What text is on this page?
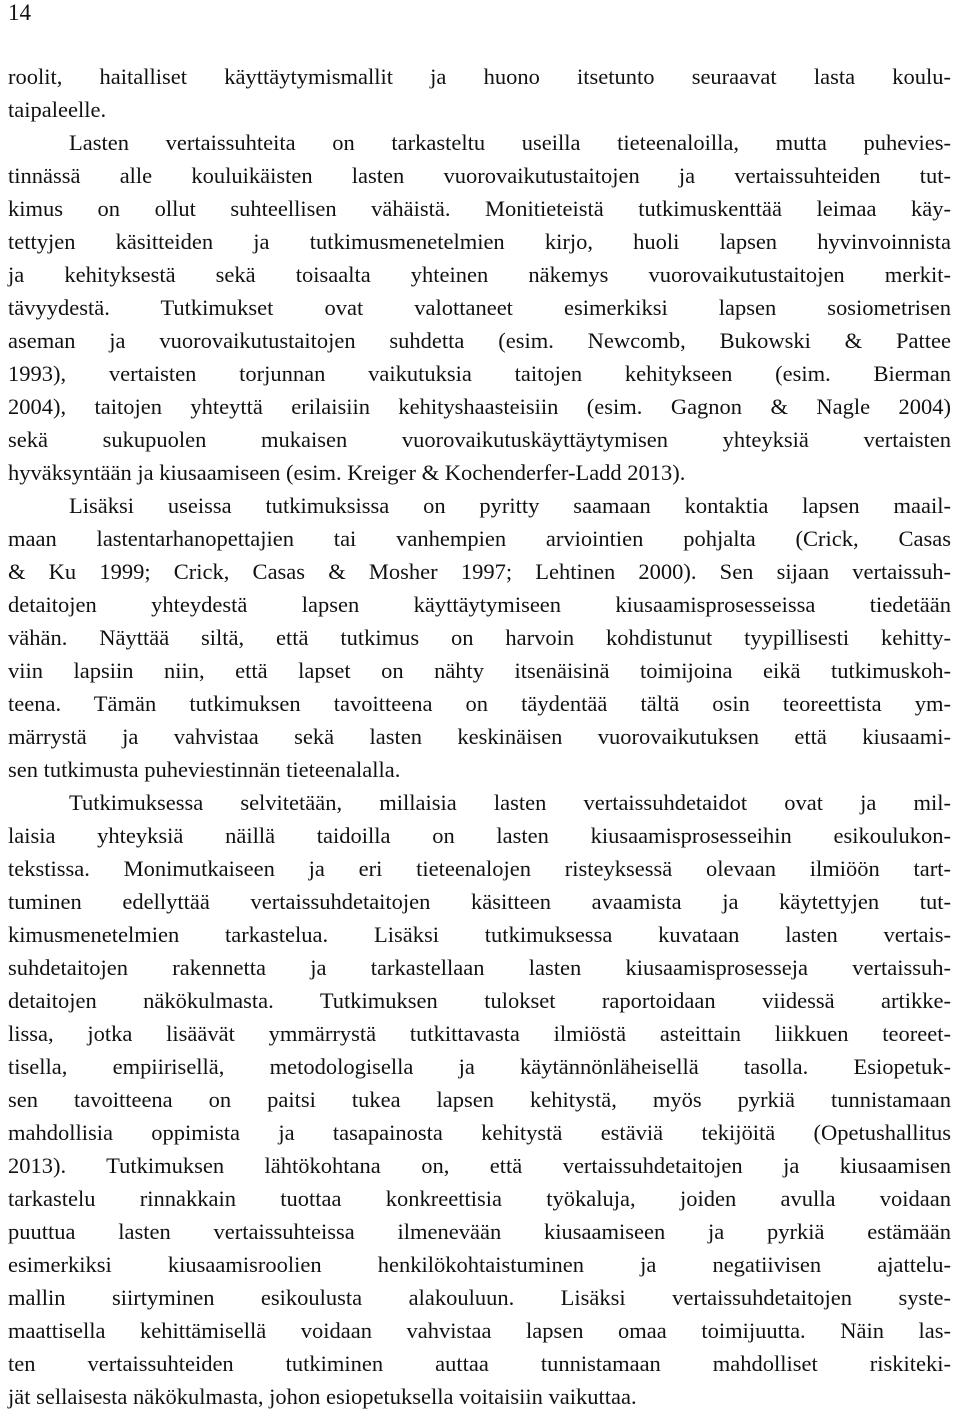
14
roolit, haitalliset käyttäytymismallit ja huono itsetunto seuraavat lasta koulu-
taipaleelle.
Lasten vertaissuhteita on tarkasteltu useilla tieteenaloilla, mutta puhevies-
tinnässä alle kouluikäisten lasten vuorovaikutustaitojen ja vertaissuhteiden tut-
kimus on ollut suhteellisen vähäistä. Monitieteistä tutkimuskenttää leimaa käy-
tettyjen käsitteiden ja tutkimusmenetelmien kirjo, huoli lapsen hyvinvoinnista
ja kehityksestä sekä toisaalta yhteinen näkemys vuorovaikutustaitojen merkit-
tävyydestä. Tutkimukset ovat valottaneet esimerkiksi lapsen sosiometrisen
aseman ja vuorovaikutustaitojen suhdetta (esim. Newcomb, Bukowski & Pattee
1993), vertaisten torjunnan vaikutuksia taitojen kehitykseen (esim. Bierman
2004), taitojen yhteyttä erilaisiin kehityshaasteisiin (esim. Gagnon & Nagle 2004)
sekä sukupuolen mukaisen vuorovaikutuskäyttäytymisen yhteyksiä vertaisten
hyväksyntään ja kiusaamiseen (esim. Kreiger & Kochenderfer-Ladd 2013).
Lisäksi useissa tutkimuksissa on pyritty saamaan kontaktia lapsen maail-
maan lastentarhanopettajien tai vanhempien arviointien pohjalta (Crick, Casas
& Ku 1999; Crick, Casas & Mosher 1997; Lehtinen 2000). Sen sijaan vertaissuh-
detaitojen yhteydestä lapsen käyttäytymiseen kiusaamisprosesseissa tiedetään
vähän. Näyttää siltä, että tutkimus on harvoin kohdistunut tyypillisesti kehitty-
viin lapsiin niin, että lapset on nähty itsenäisinä toimijoina eikä tutkimuskoh-
teena. Tämän tutkimuksen tavoitteena on täydentää tältä osin teoreettista ym-
märrystä ja vahvistaa sekä lasten keskinäisen vuorovaikutuksen että kiusaami-
sen tutkimusta puheviestinnän tieteenalalla.
Tutkimuksessa selvitetään, millaisia lasten vertaissuhdetaidot ovat ja mil-
laisia yhteyksiä näillä taidoilla on lasten kiusaamisprosesseihin esikoulukon-
tekstissa. Monimutkaiseen ja eri tieteenalojen risteyksessä olevaan ilmiöön tart-
tuminen edellyttää vertaissuhdetaitojen käsitteen avaamista ja käytettyjen tut-
kimusmenetelmien tarkastelua. Lisäksi tutkimuksessa kuvataan lasten vertais-
suhdetaitojen rakennetta ja tarkastellaan lasten kiusaamisprosesseja vertaissuh-
detaitojen näkökulmasta. Tutkimuksen tulokset raportoidaan viidessä artikke-
lissa, jotka lisäävät ymmärrystä tutkittavasta ilmiöstä asteittain liikkuen teoreet-
tisella, empiirisellä, metodologisella ja käytännönläheisellä tasolla. Esiopetuk-
sen tavoitteena on paitsi tukea lapsen kehitystä, myös pyrkiä tunnistamaan
mahdollisia oppimista ja tasapainosta kehitystä estäviä tekijöitä (Opetushallitus
2013). Tutkimuksen lähtökohtana on, että vertaissuhdetaitojen ja kiusaamisen
tarkastelu rinnakkain tuottaa konkreettisia työkaluja, joiden avulla voidaan
puuttua lasten vertaissuhteissa ilmenevään kiusaamiseen ja pyrkiä estämään
esimerkiksi kiusaamisroolien henkilökohtaistuminen ja negatiivisen ajattelu-
mallin siirtyminen esikoulusta alakouluun. Lisäksi vertaissuhdetaitojen syste-
maattisella kehittämisellä voidaan vahvistaa lapsen omaa toimijuutta. Näin las-
ten vertaissuhteiden tutkiminen auttaa tunnistamaan mahdolliset riskiteki-
jät sellaisesta näkökulmasta, johon esiopetuksella voitaisiin vaikuttaa.
